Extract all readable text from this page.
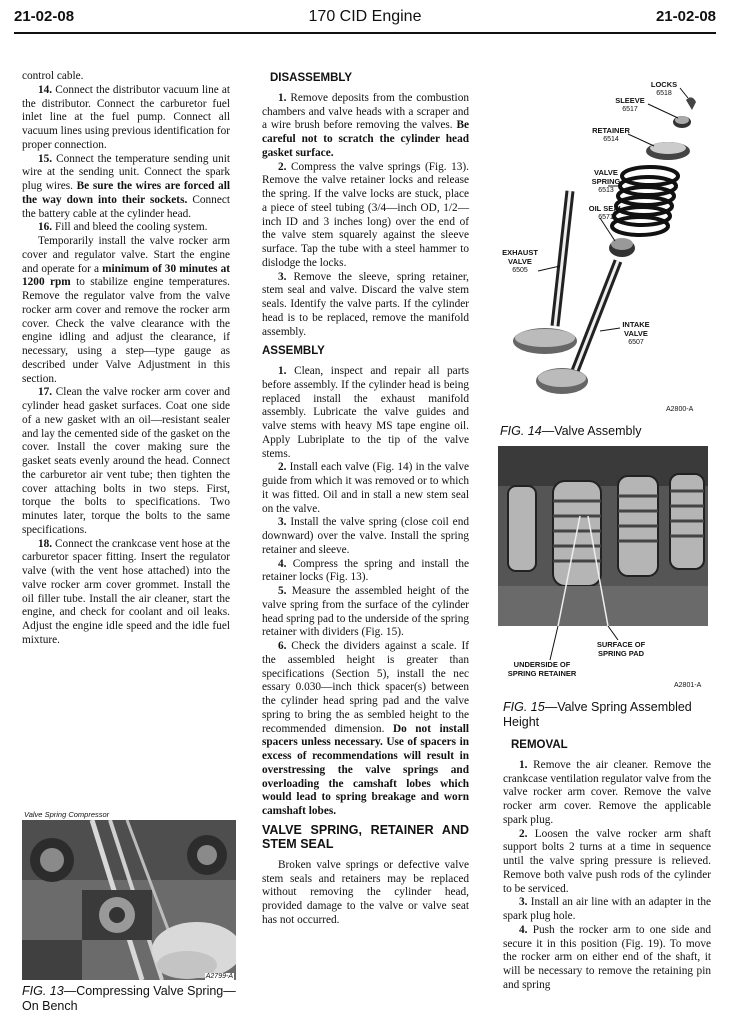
21-02-08	170 CID Engine	21-02-08

control cable.

14. Connect the distributor vacuum line at the distributor. Connect the carburetor fuel inlet line at the fuel pump. Connect all vacuum lines using previous identification for proper connection.

15. Connect the temperature sending unit wire at the sending unit. Connect the spark plug wires. Be sure the wires are forced all the way down into their sockets. Connect the battery cable at the cylinder head.

16. Fill and bleed the cooling system.

Temporarily install the valve rocker arm cover and regulator valve. Start the engine and operate for a minimum of 30 minutes at 1200 rpm to stabilize engine temperatures. Remove the regulator valve from the valve rocker arm cover and remove the rocker arm cover. Check the valve clearance with the engine idling and adjust the clearance, if necessary, using a step—type gauge as described under Valve Adjustment in this section.

17. Clean the valve rocker arm cover and cylinder head gasket surfaces. Coat one side of a new gasket with an oil—resistant sealer and lay the cemented side of the gasket on the cover. Install the cover making sure the gasket seats evenly around the head. Connect the carburetor air vent tube; then tighten the cover attaching bolts in two steps. First, torque the bolts to specifications. Two minutes later, torque the bolts to the same specifications.

18. Connect the crankcase vent hose at the carburetor spacer fitting. Insert the regulator valve (with the vent hose attached) into the valve rocker arm cover grommet. Install the oil filler tube. Install the air cleaner, start the engine, and check for coolant and oil leaks. Adjust the engine idle speed and the idle fuel mixture.

Valve Spring Compressor
A2799-A
FIG. 13—Compressing Valve Spring—On Bench
DISASSEMBLY

1. Remove deposits from the combustion chambers and valve heads with a scraper and a wire brush before removing the valves. Be careful not to scratch the cylinder head gasket surface.

2. Compress the valve springs (Fig. 13). Remove the valve retainer locks and release the spring. If the valve locks are stuck, place a piece of steel tubing (3/4—inch OD, 1/2—inch ID and 3 inches long) over the end of the valve stem squarely against the sleeve surface. Tap the tube with a steel hammer to dislodge the locks.

3. Remove the sleeve, spring retainer, stem seal and valve. Discard the valve stem seals. Identify the valve parts. If the cylinder head is to be replaced, remove the manifold assembly.

ASSEMBLY

1. Clean, inspect and repair all parts before assembly. If the cylinder head is being replaced install the exhaust manifold assembly. Lubricate the valve guides and valve stems with heavy MS tape engine oil. Apply Lubriplate to the tip of the valve stems.

2. Install each valve (Fig. 14) in the valve guide from which it was removed or to which it was fitted. Oil and in stall a new stem seal on the valve.

3. Install the valve spring (close coil end downward) over the valve. Install the spring retainer and sleeve.

4. Compress the spring and install the retainer locks (Fig. 13).

5. Measure the assembled height of the valve spring from the surface of the cylinder head spring pad to the underside of the spring retainer with dividers (Fig. 15).

6. Check the dividers against a scale. If the assembled height is greater than specifications (Section 5), install the nec essary 0.030—inch thick spacer(s) between the cylinder head spring pad and the valve spring to bring the as sembled height to the recommended dimension. Do not install spacers unless necessary. Use of spacers in excess of recommendations will result in overstressing the valve springs and overloading the camshaft lobes which would lead to spring breakage and worn camshaft lobes.

VALVE SPRING, RETAINER AND STEM SEAL

Broken valve springs or defective valve stem seals and retainers may be replaced without removing the cylinder head, provided damage to the valve or valve seat has not occurred.

LOCKS
6518
SLEEVE
6517
RETAINER
6514
VALVE SPRING
6513
OIL SEAL
6571
EXHAUST VALVE
6505
INTAKE VALVE
6507
A2800-A
FIG. 14—Valve Assembly
UNDERSIDE OF SPRING RETAINER
SURFACE OF SPRING PAD
A2801-A
FIG. 15—Valve Spring Assembled Height
REMOVAL

1. Remove the air cleaner. Remove the crankcase ventilation regulator valve from the valve rocker arm cover. Remove the valve rocker arm cover. Remove the applicable spark plug.

2. Loosen the valve rocker arm shaft support bolts 2 turns at a time in sequence until the valve spring pressure is relieved. Remove both valve push rods of the cylinder to be serviced.

3. Install an air line with an adapter in the spark plug hole.

4. Push the rocker arm to one side and secure it in this position (Fig. 19). To move the rocker arm on either end of the shaft, it will be necessary to remove the retaining pin and spring
